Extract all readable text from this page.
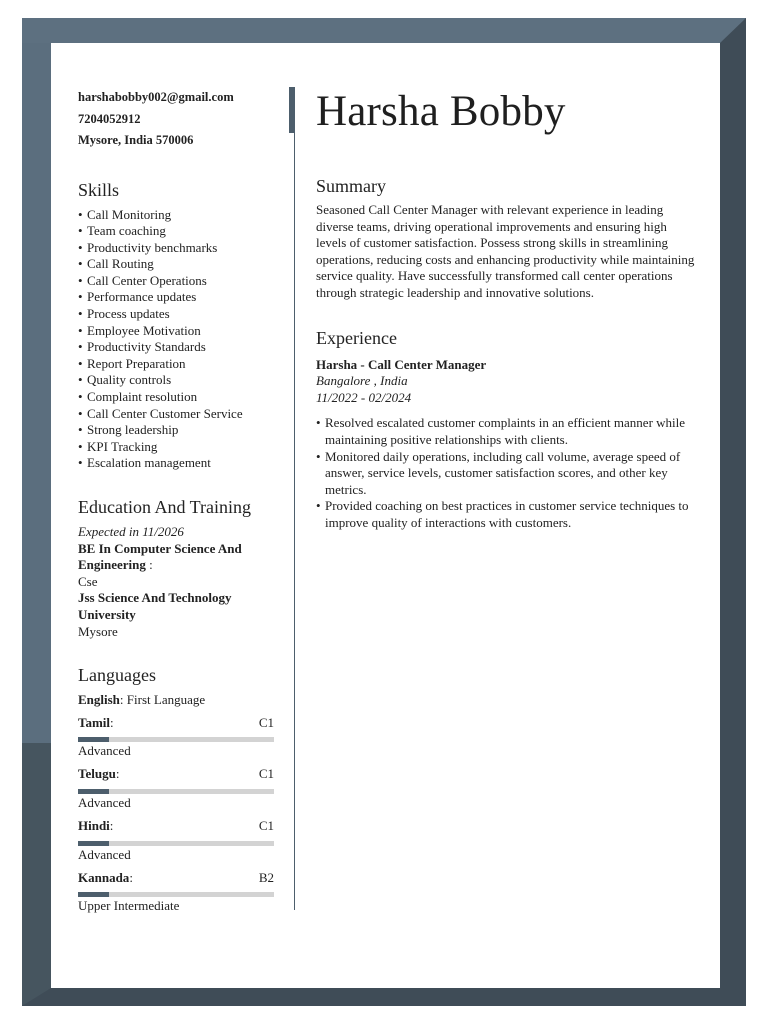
harshabobby002@gmail.com
7204052912
Mysore, India 570006
Skills
• Call Monitoring
• Team coaching
• Productivity benchmarks
• Call Routing
• Call Center Operations
• Performance updates
• Process updates
• Employee Motivation
• Productivity Standards
• Report Preparation
• Quality controls
• Complaint resolution
• Call Center Customer Service
• Strong leadership
• KPI Tracking
• Escalation management
Education And Training

Expected in 11/2026

BE In Computer Science And Engineering :

Cse

Jss Science And Technology University

Mysore

Languages
English : First Language
Tamil:	C1
Advanced
Telugu:	C1
Advanced
Hindi:	C1
Advanced
Kannada:	B2
Upper Intermediate
Harsha Bobby
Summary

Seasoned Call Center Manager with relevant experience in leading diverse teams, driving operational improvements and ensuring high levels of customer satisfaction. Possess strong skills in streamlining operations, reducing costs and enhancing productivity while maintaining service quality. Have successfully transformed call center operations through strategic leadership and innovative solutions.

Experience
Harsha - Call Center Manager
Bangalore , India
11/2022 - 02/2024
• Resolved escalated customer complaints in an efficient manner while maintaining positive relationships with clients.
• Monitored daily operations, including call volume, average speed of answer, service levels, customer satisfaction scores, and other key metrics.
• Provided coaching on best practices in customer service techniques to improve quality of interactions with customers.
